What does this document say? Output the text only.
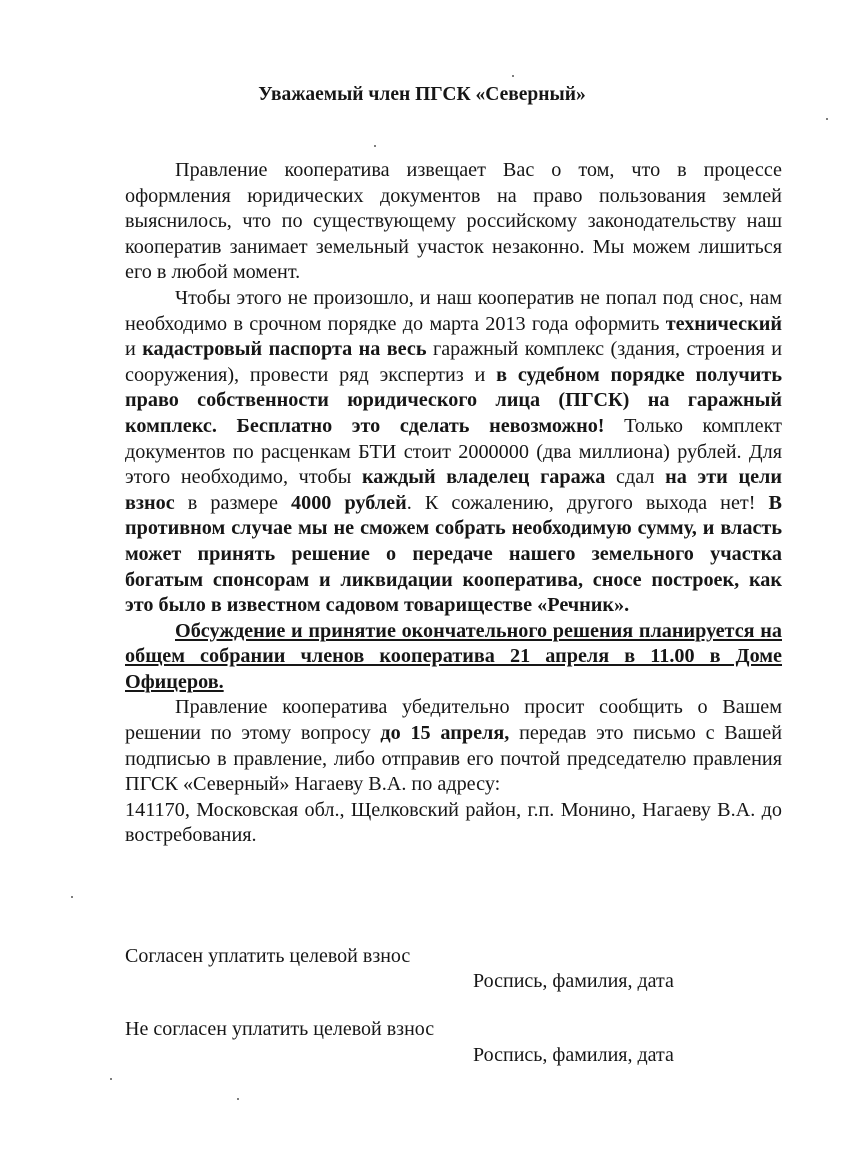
Уважаемый член ПГСК «Северный»

Правление кооператива извещает Вас о том, что в процессе оформления юридических документов на право пользования землей выяснилось, что по существующему российскому законодательству наш кооператив занимает земельный участок незаконно. Мы можем лишиться его в любой момент.

Чтобы этого не произошло, и наш кооператив не попал под снос, нам необходимо в срочном порядке до марта 2013 года оформить технический и кадастровый паспорта на весь гаражный комплекс (здания, строения и сооружения), провести ряд экспертиз и в судебном порядке получить право собственности юридического лица (ПГСК) на гаражный комплекс. Бесплатно это сделать невозможно! Только комплект документов по расценкам БТИ стоит 2000000 (два миллиона) рублей. Для этого необходимо, чтобы каждый владелец гаража сдал на эти цели взнос в размере 4000 рублей. К сожалению, другого выхода нет! В противном случае мы не сможем собрать необходимую сумму, и власть может принять решение о передаче нашего земельного участка богатым спонсорам и ликвидации кооператива, сносе построек, как это было в известном садовом товариществе «Речник».

Обсуждение и принятие окончательного решения планируется на общем собрании членов кооператива 21 апреля в 11.00 в Доме Офицеров.

Правление кооператива убедительно просит сообщить о Вашем решении по этому вопросу до 15 апреля, передав это письмо с Вашей подписью в правление, либо отправив его почтой председателю правления ПГСК «Северный» Нагаеву В.А. по адресу:

141170, Московская обл., Щелковский район, г.п. Монино, Нагаеву В.А. до востребования.

Согласен уплатить целевой взнос
Роспись, фамилия, дата
Не согласен уплатить целевой взнос
Роспись, фамилия, дата
